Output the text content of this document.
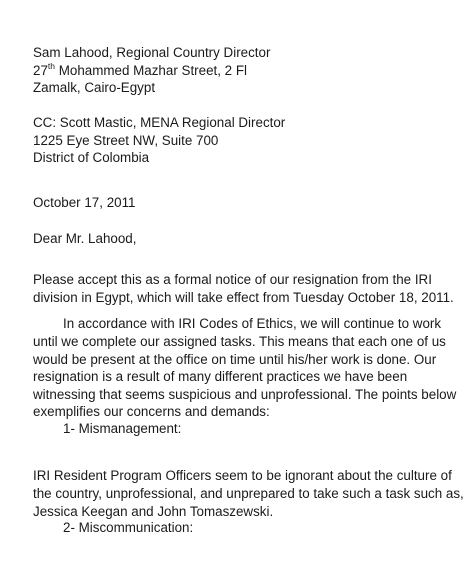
Sam Lahood, Regional Country Director
27th Mohammed Mazhar Street, 2 Fl
Zamalk, Cairo-Egypt
CC: Scott Mastic, MENA Regional Director
1225 Eye Street NW, Suite 700
District of Colombia
October 17, 2011
Dear Mr. Lahood,

Please accept this as a formal notice of our resignation from the IRI division in Egypt, which will take effect from Tuesday October 18, 2011.

In accordance with IRI Codes of Ethics, we will continue to work until we complete our assigned tasks. This means that each one of us would be present at the office on time until his/her work is done. Our resignation is a result of many different practices we have been witnessing that seems suspicious and unprofessional. The points below exemplifies our concerns and demands:

1- Mismanagement:

IRI Resident Program Officers seem to be ignorant about the culture of the country, unprofessional, and unprepared to take such a task such as, Jessica Keegan and John Tomaszewski.

2- Miscommunication:
